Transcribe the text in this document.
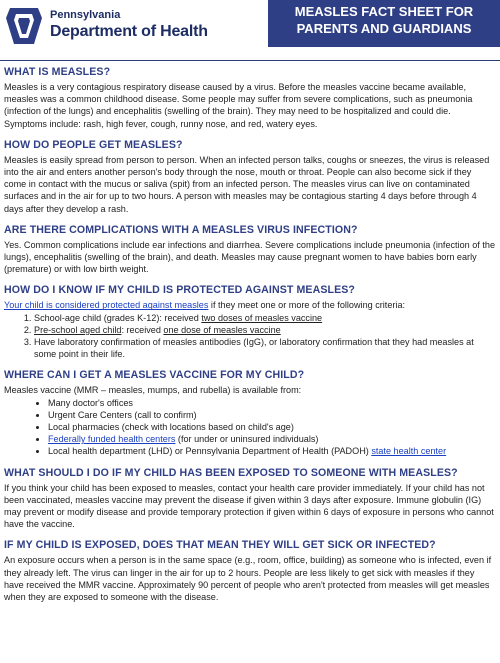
Pennsylvania
Department of Health
MEASLES FACT SHEET FOR
PARENTS AND GUARDIANS
WHAT IS MEASLES?

Measles is a very contagious respiratory disease caused by a virus. Before the measles vaccine became available, measles was a common childhood disease. Some people may suffer from severe complications, such as pneumonia (infection of the lungs) and encephalitis (swelling of the brain). They may need to be hospitalized and could die. Symptoms include: rash, high fever, cough, runny nose, and red, watery eyes.

HOW DO PEOPLE GET MEASLES?

Measles is easily spread from person to person. When an infected person talks, coughs or sneezes, the virus is released into the air and enters another person's body through the nose, mouth or throat. People can also become sick if they come in contact with the mucus or saliva (spit) from an infected person. The measles virus can live on contaminated surfaces and in the air for up to two hours. A person with measles may be contagious starting 4 days before through 4 days after they develop a rash.

ARE THERE COMPLICATIONS WITH A MEASLES VIRUS INFECTION?

Yes. Common complications include ear infections and diarrhea. Severe complications include pneumonia (infection of the lungs), encephalitis (swelling of the brain), and death. Measles may cause pregnant women to have babies born early (premature) or with low birth weight.

HOW DO I KNOW IF MY CHILD IS PROTECTED AGAINST MEASLES?

Your child is considered protected against measles if they meet one or more of the following criteria:

1. School-age child (grades K-12): received two doses of measles vaccine
2. Pre-school aged child: received one dose of measles vaccine
3. Have laboratory confirmation of measles antibodies (IgG), or laboratory confirmation that they had measles at some point in their life.
WHERE CAN I GET A MEASLES VACCINE FOR MY CHILD?

Measles vaccine (MMR – measles, mumps, and rubella) is available from:

• Many doctor's offices
• Urgent Care Centers (call to confirm)
• Local pharmacies (check with locations based on child's age)
• Federally funded health centers (for under or uninsured individuals)
• Local health department (LHD) or Pennsylvania Department of Health (PADOH) state health center
WHAT SHOULD I DO IF MY CHILD HAS BEEN EXPOSED TO SOMEONE WITH MEASLES?

If you think your child has been exposed to measles, contact your health care provider immediately. If your child has not been vaccinated, measles vaccine may prevent the disease if given within 3 days after exposure. Immune globulin (IG) may prevent or modify disease and provide temporary protection if given within 6 days of exposure in persons who cannot have the vaccine.

IF MY CHILD IS EXPOSED, DOES THAT MEAN THEY WILL GET SICK OR INFECTED?

An exposure occurs when a person is in the same space (e.g., room, office, building) as someone who is infected, even if they already left. The virus can linger in the air for up to 2 hours. People are less likely to get sick with measles if they have received the MMR vaccine. Approximately 90 percent of people who aren't protected from measles will get measles when they are exposed to someone with the disease.
